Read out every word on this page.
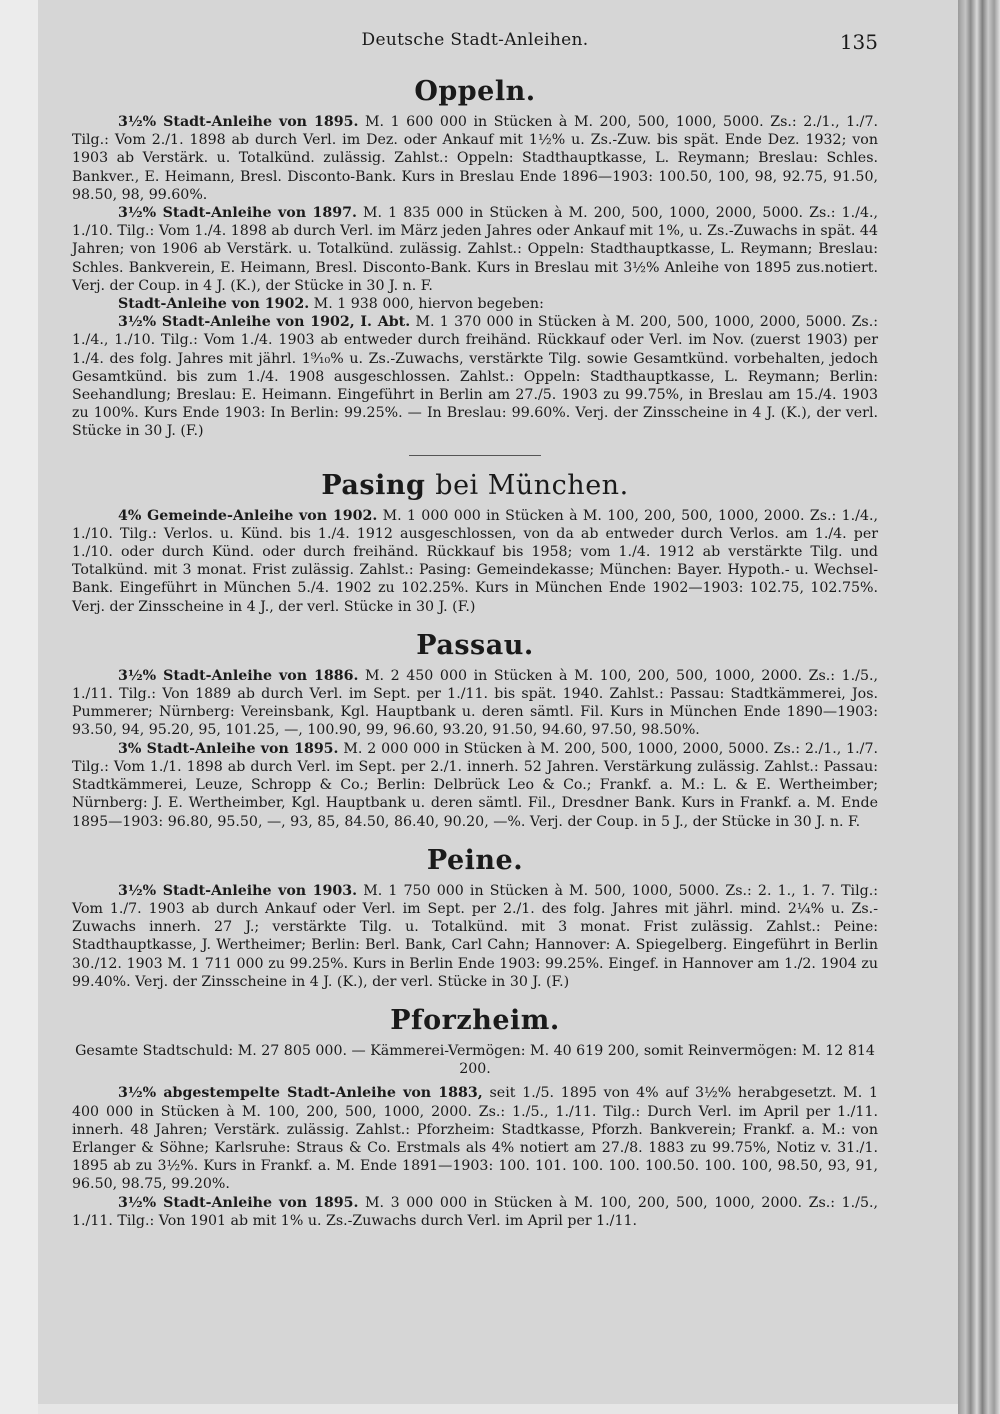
Deutsche Stadt-Anleihen.	135
Oppeln.

3½% Stadt-Anleihe von 1895. M. 1 600 000 in Stücken à M. 200, 500, 1000, 5000. Zs.: 2./1., 1./7. Tilg.: Vom 2./1. 1898 ab durch Verl. im Dez. oder Ankauf mit 1½% u. Zs.-Zuw. bis spät. Ende Dez. 1932; von 1903 ab Verstärk. u. Totalkünd. zulässig. Zahlst.: Oppeln: Stadthauptkasse, L. Reymann; Breslau: Schles. Bankver., E. Heimann, Bresl. Disconto-Bank. Kurs in Breslau Ende 1896—1903: 100.50, 100, 98, 92.75, 91.50, 98.50, 98, 99.60%.

3½% Stadt-Anleihe von 1897. M. 1 835 000 in Stücken à M. 200, 500, 1000, 2000, 5000. Zs.: 1./4., 1./10. Tilg.: Vom 1./4. 1898 ab durch Verl. im März jeden Jahres oder Ankauf mit 1%, u. Zs.-Zuwachs in spät. 44 Jahren; von 1906 ab Verstärk. u. Totalkünd. zulässig. Zahlst.: Oppeln: Stadthauptkasse, L. Reymann; Breslau: Schles. Bankverein, E. Heimann, Bresl. Disconto-Bank. Kurs in Breslau mit 3½% Anleihe von 1895 zus.notiert. Verj. der Coup. in 4 J. (K.), der Stücke in 30 J. n. F.

Stadt-Anleihe von 1902. M. 1 938 000, hiervon begeben:

3½% Stadt-Anleihe von 1902, I. Abt. M. 1 370 000 in Stücken à M. 200, 500, 1000, 2000, 5000. Zs.: 1./4., 1./10. Tilg.: Vom 1./4. 1903 ab entweder durch freihänd. Rückkauf oder Verl. im Nov. (zuerst 1903) per 1./4. des folg. Jahres mit jährl. 1⁹⁄₁₀% u. Zs.-Zuwachs, verstärkte Tilg. sowie Gesamtkünd. vorbehalten, jedoch Gesamtkünd. bis zum 1./4. 1908 ausgeschlossen. Zahlst.: Oppeln: Stadthauptkasse, L. Reymann; Berlin: Seehandlung; Breslau: E. Heimann. Eingeführt in Berlin am 27./5. 1903 zu 99.75%, in Breslau am 15./4. 1903 zu 100%. Kurs Ende 1903: In Berlin: 99.25%. — In Breslau: 99.60%. Verj. der Zinsscheine in 4 J. (K.), der verl. Stücke in 30 J. (F.)

Pasing bei München.

4% Gemeinde-Anleihe von 1902. M. 1 000 000 in Stücken à M. 100, 200, 500, 1000, 2000. Zs.: 1./4., 1./10. Tilg.: Verlos. u. Künd. bis 1./4. 1912 ausgeschlossen, von da ab entweder durch Verlos. am 1./4. per 1./10. oder durch Künd. oder durch freihänd. Rückkauf bis 1958; vom 1./4. 1912 ab verstärkte Tilg. und Totalkünd. mit 3 monat. Frist zulässig. Zahlst.: Pasing: Gemeindekasse; München: Bayer. Hypoth.- u. Wechsel-Bank. Eingeführt in München 5./4. 1902 zu 102.25%. Kurs in München Ende 1902—1903: 102.75, 102.75%. Verj. der Zinsscheine in 4 J., der verl. Stücke in 30 J. (F.)

Passau.

3½% Stadt-Anleihe von 1886. M. 2 450 000 in Stücken à M. 100, 200, 500, 1000, 2000. Zs.: 1./5., 1./11. Tilg.: Von 1889 ab durch Verl. im Sept. per 1./11. bis spät. 1940. Zahlst.: Passau: Stadtkämmerei, Jos. Pummerer; Nürnberg: Vereinsbank, Kgl. Hauptbank u. deren sämtl. Fil. Kurs in München Ende 1890—1903: 93.50, 94, 95.20, 95, 101.25, —, 100.90, 99, 96.60, 93.20, 91.50, 94.60, 97.50, 98.50%.

3% Stadt-Anleihe von 1895. M. 2 000 000 in Stücken à M. 200, 500, 1000, 2000, 5000. Zs.: 2./1., 1./7. Tilg.: Vom 1./1. 1898 ab durch Verl. im Sept. per 2./1. innerh. 52 Jahren. Verstärkung zulässig. Zahlst.: Passau: Stadtkämmerei, Leuze, Schropp & Co.; Berlin: Delbrück Leo & Co.; Frankf. a. M.: L. & E. Wertheimber; Nürnberg: J. E. Wertheimber, Kgl. Hauptbank u. deren sämtl. Fil., Dresdner Bank. Kurs in Frankf. a. M. Ende 1895—1903: 96.80, 95.50, —, 93, 85, 84.50, 86.40, 90.20, —%. Verj. der Coup. in 5 J., der Stücke in 30 J. n. F.

Peine.

3½% Stadt-Anleihe von 1903. M. 1 750 000 in Stücken à M. 500, 1000, 5000. Zs.: 2. 1., 1. 7. Tilg.: Vom 1./7. 1903 ab durch Ankauf oder Verl. im Sept. per 2./1. des folg. Jahres mit jährl. mind. 2¼% u. Zs.-Zuwachs innerh. 27 J.; verstärkte Tilg. u. Totalkünd. mit 3 monat. Frist zulässig. Zahlst.: Peine: Stadthauptkasse, J. Wertheimer; Berlin: Berl. Bank, Carl Cahn; Hannover: A. Spiegelberg. Eingeführt in Berlin 30./12. 1903 M. 1 711 000 zu 99.25%. Kurs in Berlin Ende 1903: 99.25%. Eingef. in Hannover am 1./2. 1904 zu 99.40%. Verj. der Zinsscheine in 4 J. (K.), der verl. Stücke in 30 J. (F.)

Pforzheim.

Gesamte Stadtschuld: M. 27 805 000. — Kämmerei-Vermögen: M. 40 619 200, somit Reinvermögen: M. 12 814 200.

3½% abgestempelte Stadt-Anleihe von 1883, seit 1./5. 1895 von 4% auf 3½% herabgesetzt. M. 1 400 000 in Stücken à M. 100, 200, 500, 1000, 2000. Zs.: 1./5., 1./11. Tilg.: Durch Verl. im April per 1./11. innerh. 48 Jahren; Verstärk. zulässig. Zahlst.: Pforzheim: Stadtkasse, Pforzh. Bankverein; Frankf. a. M.: von Erlanger & Söhne; Karlsruhe: Straus & Co. Erstmals als 4% notiert am 27./8. 1883 zu 99.75%, Notiz v. 31./1. 1895 ab zu 3½%. Kurs in Frankf. a. M. Ende 1891—1903: 100. 101. 100. 100. 100.50. 100. 100, 98.50, 93, 91, 96.50, 98.75, 99.20%.

3½% Stadt-Anleihe von 1895. M. 3 000 000 in Stücken à M. 100, 200, 500, 1000, 2000. Zs.: 1./5., 1./11. Tilg.: Von 1901 ab mit 1% u. Zs.-Zuwachs durch Verl. im April per 1./11.
